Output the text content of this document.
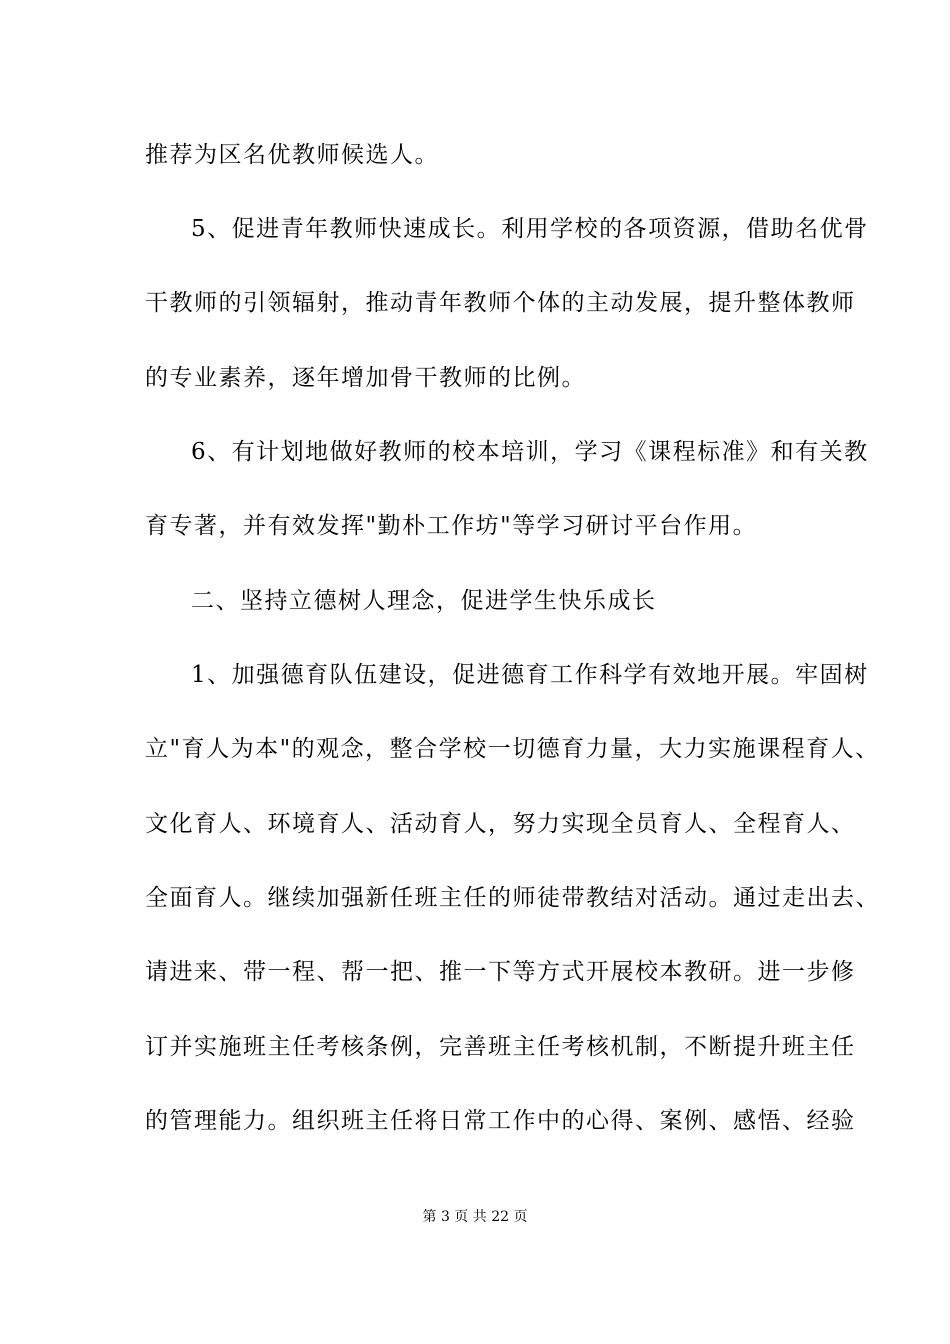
推荐为区名优教师候选人。
5、促进青年教师快速成长。利用学校的各项资源，借助名优骨
干教师的引领辐射，推动青年教师个体的主动发展，提升整体教师
的专业素养，逐年增加骨干教师的比例。
6、有计划地做好教师的校本培训，学习《课程标准》和有关教
育专著，并有效发挥"勤朴工作坊"等学习研讨平台作用。
二、坚持立德树人理念，促进学生快乐成长
1、加强德育队伍建设，促进德育工作科学有效地开展。牢固树
立"育人为本"的观念，整合学校一切德育力量，大力实施课程育人、
文化育人、环境育人、活动育人，努力实现全员育人、全程育人、
全面育人。继续加强新任班主任的师徒带教结对活动。通过走出去、
请进来、带一程、帮一把、推一下等方式开展校本教研。进一步修
订并实施班主任考核条例，完善班主任考核机制，不断提升班主任
的管理能力。组织班主任将日常工作中的心得、案例、感悟、经验
第 3 页 共 22 页
